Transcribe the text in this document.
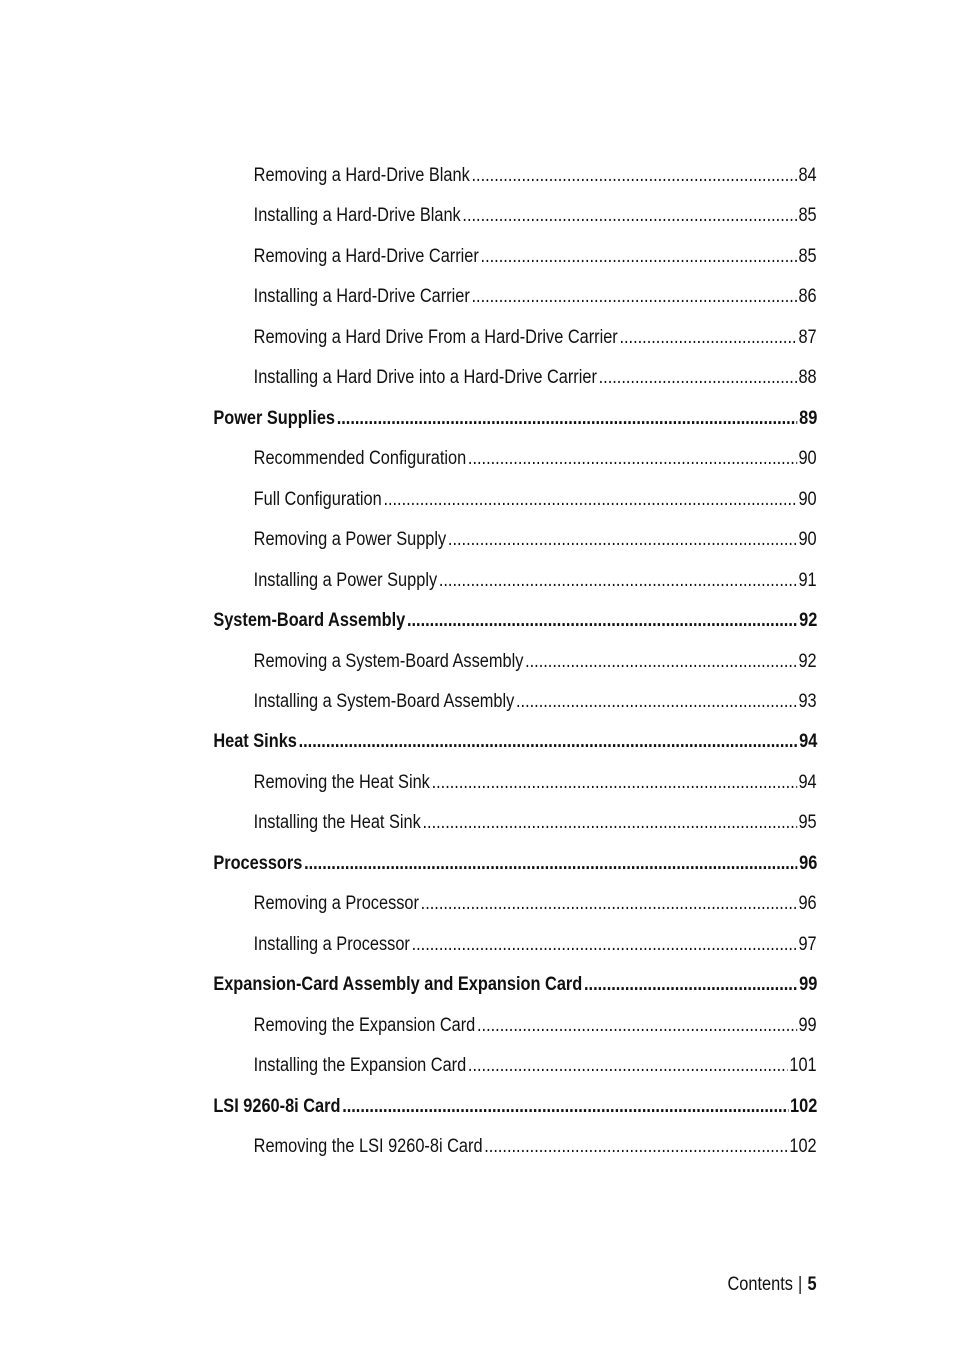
Removing a Hard-Drive Blank .....	84
Installing a Hard-Drive Blank .....	85
Removing a Hard-Drive Carrier .....	85
Installing a Hard-Drive Carrier .....	86
Removing a Hard Drive From a Hard-Drive Carrier .....	87
Installing a Hard Drive into a Hard-Drive Carrier .....	88
Power Supplies .....	89
Recommended Configuration .....	90
Full Configuration .....	90
Removing a Power Supply .....	90
Installing a Power Supply .....	91
System-Board Assembly .....	92
Removing a System-Board Assembly .....	92
Installing a System-Board Assembly .....	93
Heat Sinks .....	94
Removing the Heat Sink .....	94
Installing the Heat Sink .....	95
Processors .....	96
Removing a Processor .....	96
Installing a Processor .....	97
Expansion-Card Assembly and Expansion Card .....	99
Removing the Expansion Card .....	99
Installing the Expansion Card .....	101
LSI 9260-8i Card .....	102
Removing the LSI 9260-8i Card .....	102
Contents | 5
